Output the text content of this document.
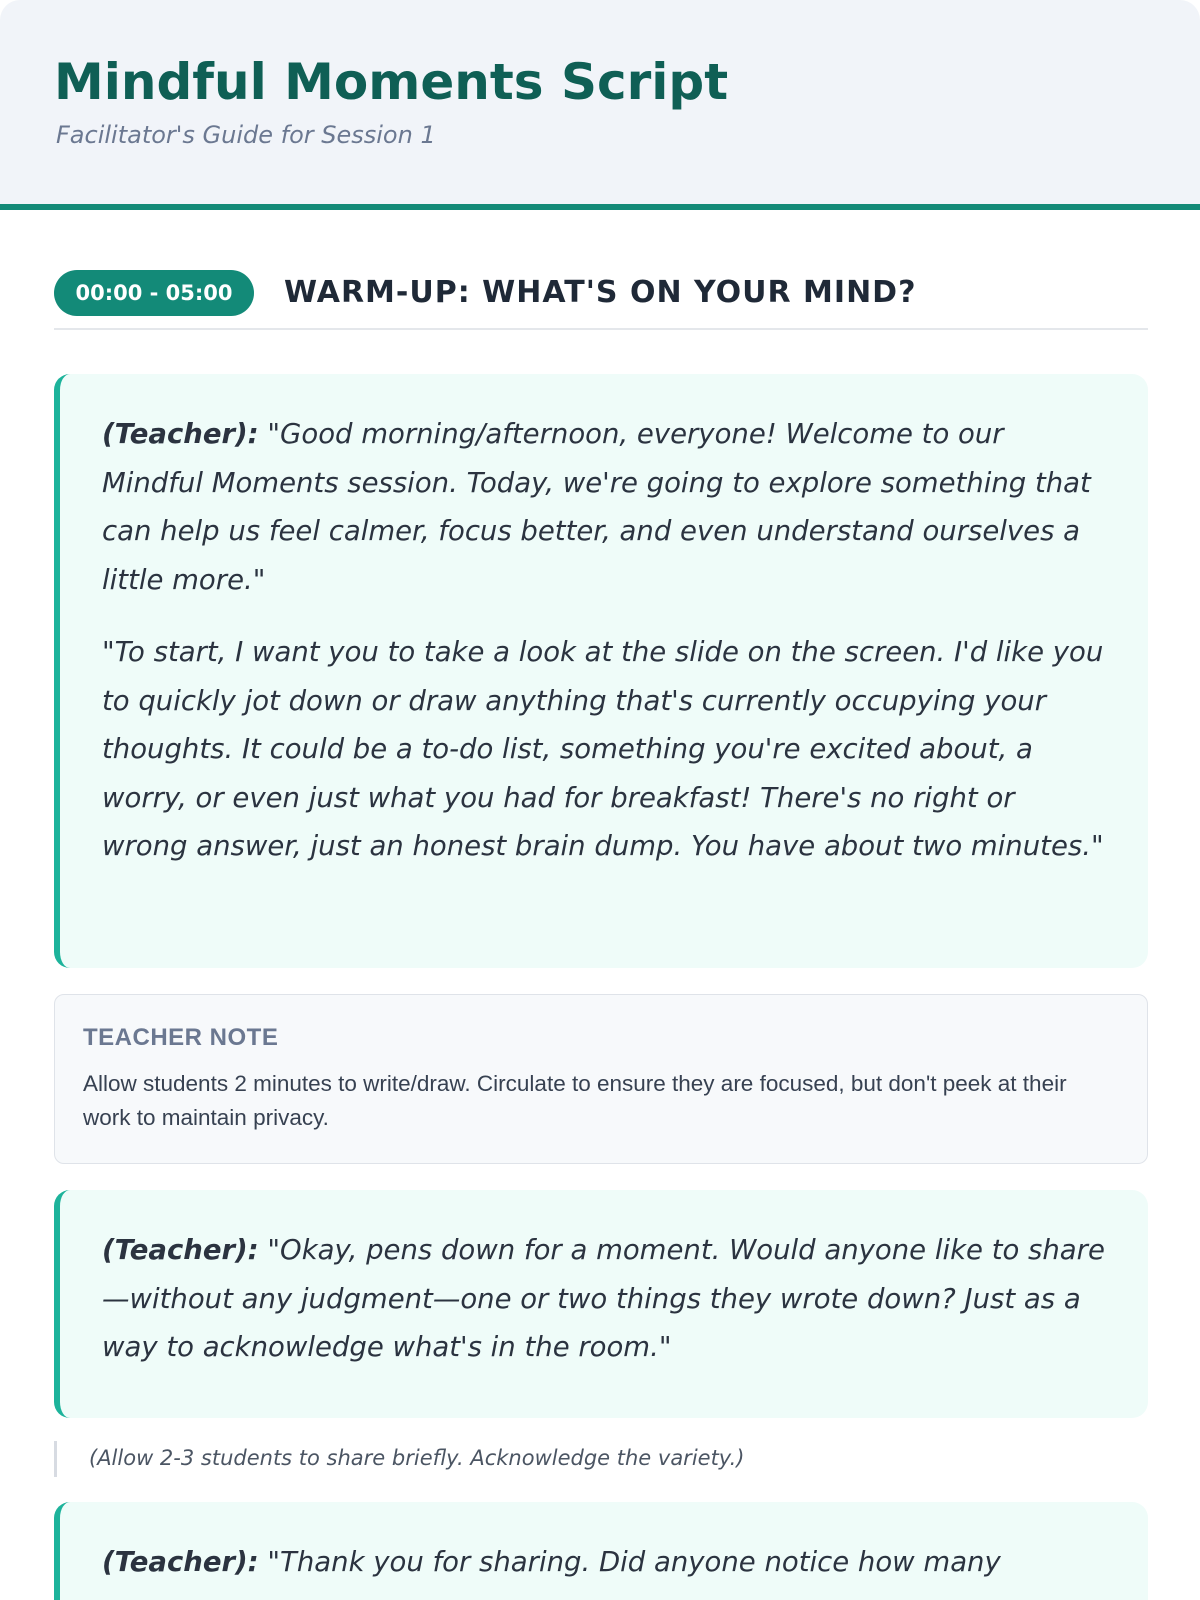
Mindful Moments Script

Facilitator's Guide for Session 1

00:00 - 05:00	WARM-UP: WHAT'S ON YOUR MIND?

(Teacher): "Good morning/afternoon, everyone! Welcome to our Mindful Moments session. Today, we're going to explore something that can help us feel calmer, focus better, and even understand ourselves a little more."

"To start, I want you to take a look at the slide on the screen. I'd like you to quickly jot down or draw anything that's currently occupying your thoughts. It could be a to-do list, something you're excited about, a worry, or even just what you had for breakfast! There's no right or wrong answer, just an honest brain dump. You have about two minutes."

TEACHER NOTE

Allow students 2 minutes to write/draw. Circulate to ensure they are focused, but don't peek at their work to maintain privacy.

(Teacher): "Okay, pens down for a moment. Would anyone like to share—without any judgment—one or two things they wrote down? Just as a way to acknowledge what's in the room."

(Allow 2-3 students to share briefly. Acknowledge the variety.)

(Teacher): "Thank you for sharing. Did anyone notice how many
